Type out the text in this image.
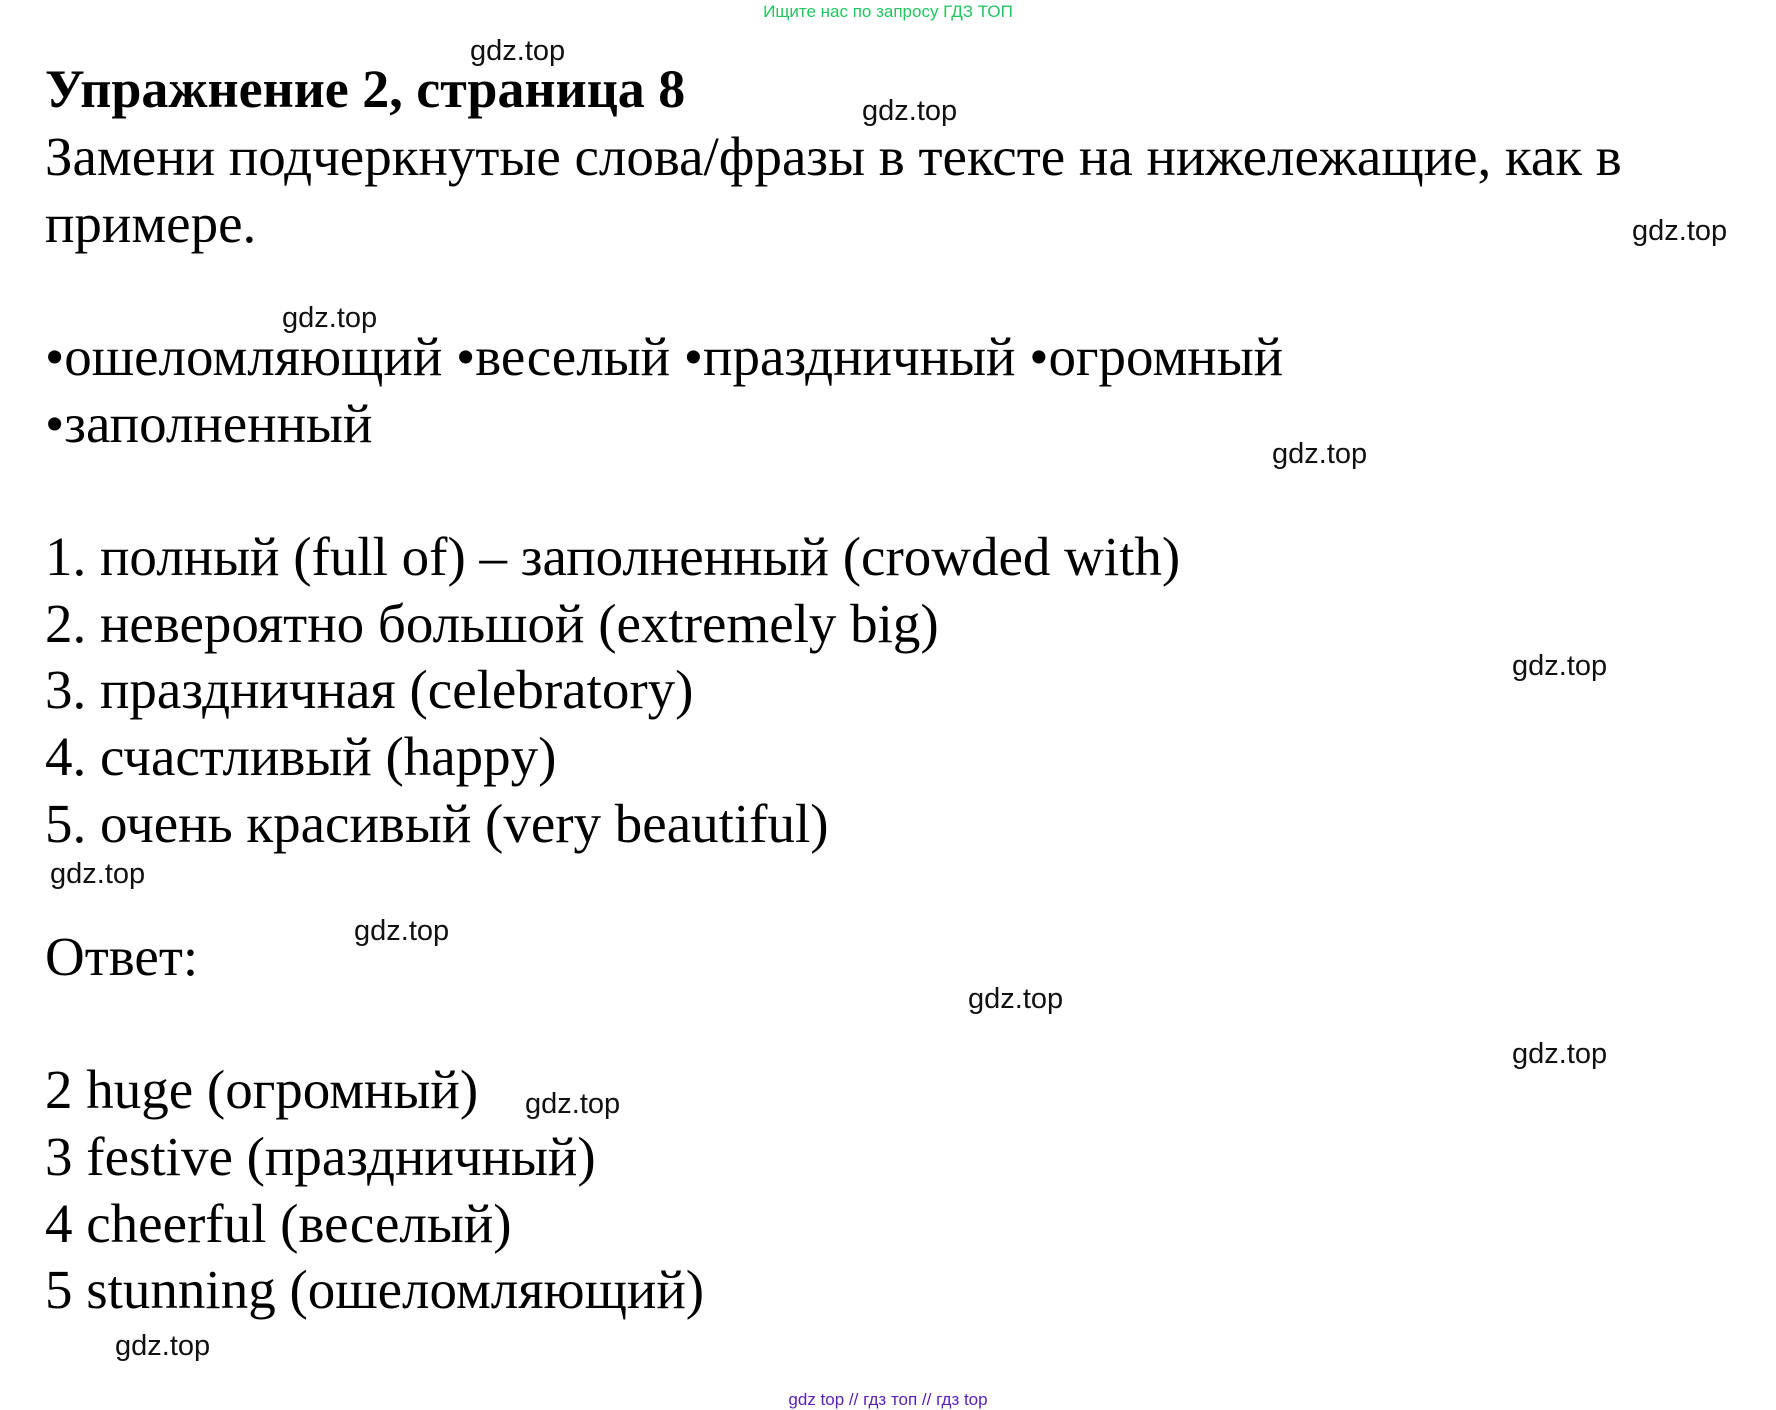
Ищите нас по запросу ГДЗ ТОП
Упражнение 2, страница 8
Замени подчеркнутые слова/фразы в тексте на нижележащие, как в
примере.
•ошеломляющий •веселый •праздничный •огромный
•заполненный
1. полный (full of) – заполненный (crowded with)
2. невероятно большой (extremely big)
3. праздничная (celebratory)
4. счастливый (happy)
5. очень красивый (very beautiful)
Ответ:
2 huge (огромный)
3 festive (праздничный)
4 cheerful (веселый)
5 stunning (ошеломляющий)
gdz.top
gdz.top
gdz.top
gdz.top
gdz.top
gdz.top
gdz.top
gdz.top
gdz.top
gdz.top
gdz.top
gdz.top
gdz top // гдз топ // гдз top
